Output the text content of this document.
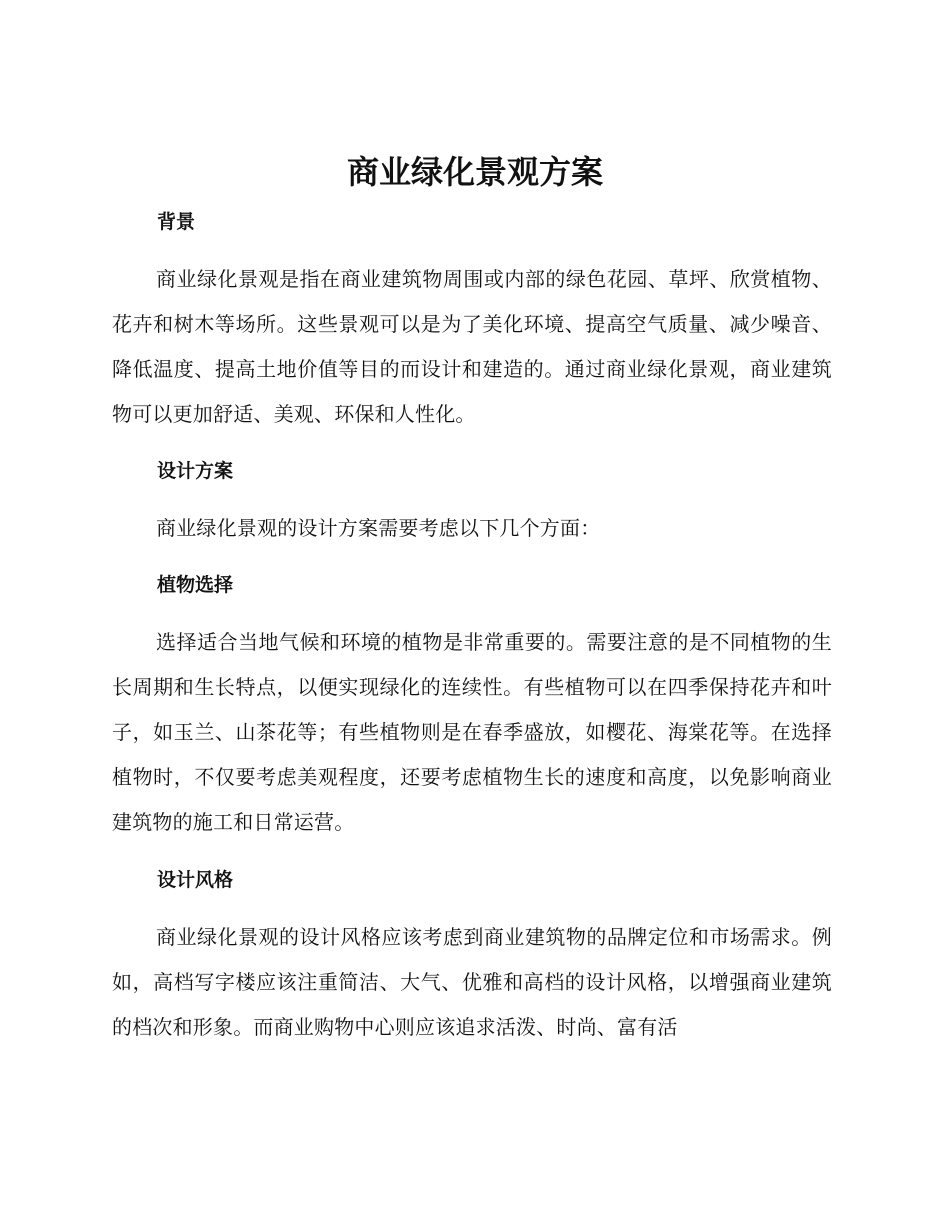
商业绿化景观方案
背景

商业绿化景观是指在商业建筑物周围或内部的绿色花园、草坪、欣赏植物、花卉和树木等场所。这些景观可以是为了美化环境、提高空气质量、减少噪音、降低温度、提高土地价值等目的而设计和建造的。通过商业绿化景观，商业建筑物可以更加舒适、美观、环保和人性化。

设计方案

商业绿化景观的设计方案需要考虑以下几个方面：

植物选择

选择适合当地气候和环境的植物是非常重要的。需要注意的是不同植物的生长周期和生长特点，以便实现绿化的连续性。有些植物可以在四季保持花卉和叶子，如玉兰、山茶花等；有些植物则是在春季盛放，如樱花、海棠花等。在选择植物时，不仅要考虑美观程度，还要考虑植物生长的速度和高度，以免影响商业建筑物的施工和日常运营。

设计风格

商业绿化景观的设计风格应该考虑到商业建筑物的品牌定位和市场需求。例如，高档写字楼应该注重简洁、大气、优雅和高档的设计风格，以增强商业建筑的档次和形象。而商业购物中心则应该追求活泼、时尚、富有活
